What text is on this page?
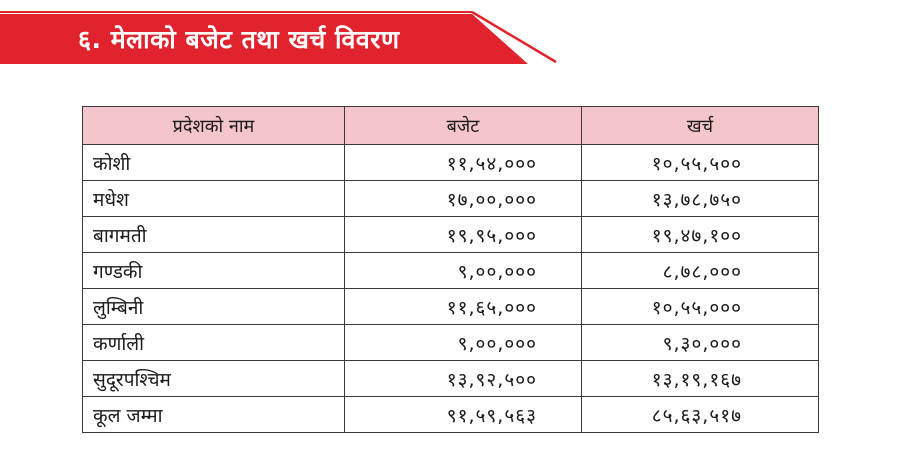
६. मेलाको बजेट तथा खर्च विवरण
प्रदेशको नाम	बजेट	खर्च
कोशी	११,५४,०००	१०,५५,५००
मधेश	१७,००,०००	१३,७८,७५०
बागमती	१९,९५,०००	१९,४७,१००
गण्डकी	९,००,०००	८,७८,०००
लुम्बिनी	११,६५,०००	१०,५५,०००
कर्णाली	९,००,०००	९,३०,०००
सुदूरपश्चिम	१३,९२,५००	१३,१९,१६७
कूल जम्मा	९१,५९,५६३	८५,६३,५१७
